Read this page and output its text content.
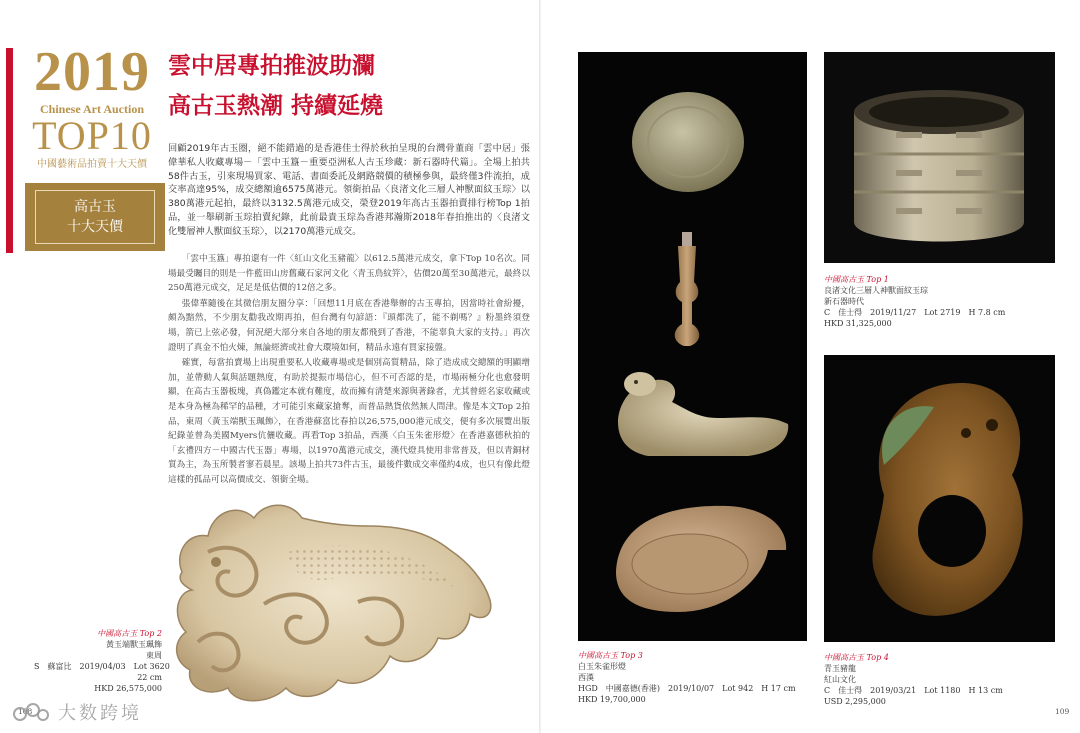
2019
Chinese Art Auction
TOP10
中國藝術品拍賣十大天價
高古玉
十大天價
雲中居專拍推波助瀾
高古玉熱潮 持續延燒
回顧2019年古玉圈，絕不能錯過的是香港佳士得於秋拍呈現的台灣骨董商「雲中居」張偉華私人收藏專場－「雲中玉簋－重要亞洲私人古玉珍藏：新石器時代篇」。全場上拍共58件古玉，引來現場買家、電話、書面委託及網路競價的積極參與，最終僅3件流拍，成交率高達95%，成交總額逾6575萬港元。領銜拍品〈良渚文化三層人神獸面紋玉琮〉以380萬港元起拍，最終以3132.5萬港元成交，榮登2019年高古玉器拍賣排行榜Top 1拍品，並一舉刷新玉琮拍賣紀錄，此前最貴玉琮為香港邦瀚斯2018年春拍推出的〈良渚文化雙層神人獸面紋玉琮〉，以2170萬港元成交。

「雲中玉簋」專拍還有一件〈紅山文化玉豬龍〉以612.5萬港元成交，拿下Top 10名次。同場最受矚目的則是一件藍田山房舊藏石家河文化〈青玉鳥紋笄〉，估價20萬至30萬港元，最終以250萬港元成交，足足是低估價的12倍之多。

張偉華隨後在其微信朋友圈分享：「回想11月底在香港舉辦的古玉專拍，因當時社會紛擾，頗為黯然，不少朋友勸我改期再拍，但台灣有句諺語：『頭都洗了，能不剃嗎？』粉墨終須登場，箭已上弦必發，何況絕大部分來自各地的朋友都飛到了香港，不能辜負大家的支持。」再次證明了真金不怕火煉，無論經濟或社會大環境如何，精品永遠有買家接盤。

確實，每當拍賣場上出現重要私人收藏專場或是個別高質精品，除了造成成交總額的明顯增加，並帶動人氣與話題熱度，有助於提振市場信心，但不可否認的是，市場兩極分化也愈發明顯，在高古玉器板塊，真偽鑑定本就有難度，故而擁有清楚來源與著錄者，尤其曾經名家收藏或是本身為極為稀罕的品種，才可能引來藏家搶奪，而普品熱貨依然無人問津。像是本文Top 2拍品，東周〈黃玉端獸玉珮飾〉，在香港蘇富比春拍以26,575,000港元成交，便有多次展覽出版紀錄並曾為美國Myers伉儷收藏。再看Top 3拍品，西漢〈白玉朱雀形燈〉在香港嘉德秋拍的「玄禮四方－中國古代玉器」專場，以1970萬港元成交，漢代燈具使用非常普及，但以青銅材質為主，為玉所製者寥若晨星。該場上拍共73件古玉，最後件數成交率僅約4成，也只有像此燈這樣的孤品可以高價成交、領銜全場。

中國高古玉 Top 2
黃玉端獸玉珮飾
東周
S　蘇富比　2019/04/03　Lot 3620
22 cm
HKD 26,575,000
108 大数跨境
中國高古玉 Top 3
白玉朱雀形燈
西漢
HGD　中國嘉德(香港)　2019/10/07　Lot 942　H 17 cm
HKD 19,700,000
中國高古玉 Top 1
良渚文化三層人神獸面紋玉琮
新石器時代
C　佳士得　2019/11/27　Lot 2719　H 7.8 cm
HKD 31,325,000
中國高古玉 Top 4
青玉豬龍
紅山文化
C　佳士得　2019/03/21　Lot 1180　H 13 cm
USD 2,295,000
109
